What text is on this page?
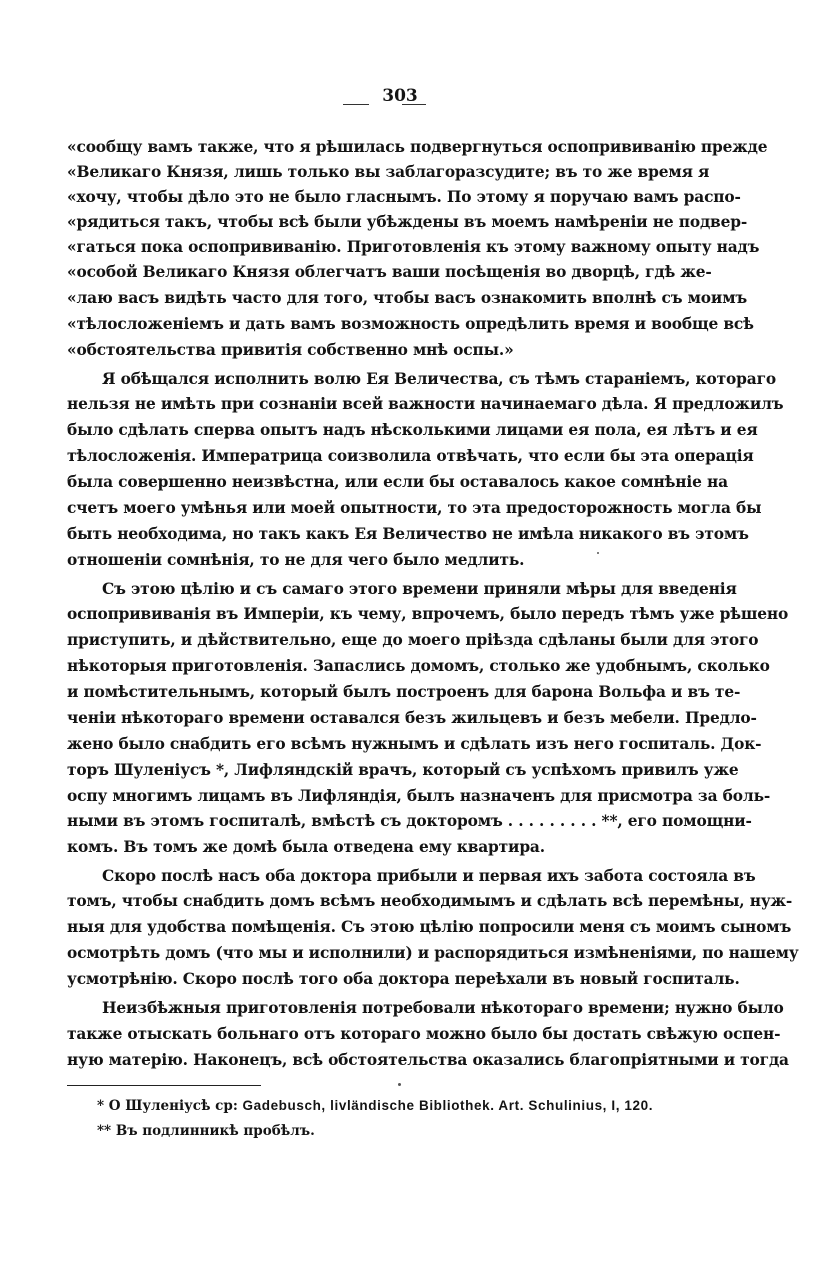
303
«сообщу вамъ также, что я рѣшилась подвергнуться оспопрививанію прежде
«Великаго Князя, лишь только вы заблагоразсудите; въ то же время я
«хочу, чтобы дѣло это не было гласнымъ. По этому я поручаю вамъ распо-
«рядиться такъ, чтобы всѣ были убѣждены въ моемъ намѣреніи не подвер-
«гаться пока оспопрививанію. Приготовленія къ этому важному опыту надъ
«особой Великаго Князя облегчатъ ваши посѣщенія во дворцѣ, гдѣ же-
«лаю васъ видѣть часто для того, чтобы васъ ознакомить вполнѣ съ моимъ
«тѣлосложеніемъ и дать вамъ возможность опредѣлить время и вообще всѣ
«обстоятельства привитія собственно мнѣ оспы.»
Я обѣщался исполнить волю Ея Величества, съ тѣмъ стараніемъ, котораго
нельзя не имѣть при сознаніи всей важности начинаемаго дѣла. Я предложилъ
было сдѣлать сперва опытъ надъ нѣсколькими лицами ея пола, ея лѣтъ и ея
тѣлосложенія. Императрица соизволила отвѣчать, что если бы эта операція
была совершенно неизвѣстна, или если бы оставалось какое сомнѣніе на
счетъ моего умѣнья или моей опытности, то эта предосторожность могла бы
быть необходима, но такъ какъ Ея Величество не имѣла никакого въ этомъ
отношеніи сомнѣнія, то не для чего было медлить.
Съ этою цѣлію и съ самаго этого времени приняли мѣры для введенія
оспопрививанія въ Имперіи, къ чему, впрочемъ, было передъ тѣмъ уже рѣшено
приступить, и дѣйствительно, еще до моего пріѣзда сдѣланы были для этого
нѣкоторыя приготовленія. Запаслись домомъ, столько же удобнымъ, сколько
и помѣстительнымъ, который былъ построенъ для барона Вольфа и въ те-
ченіи нѣкотораго времени оставался безъ жильцевъ и безъ мебели. Предло-
жено было снабдить его всѣмъ нужнымъ и сдѣлать изъ него госпиталь. Док-
торъ Шуленіусъ *, Лифляндскій врачъ, который съ успѣхомъ привилъ уже
оспу многимъ лицамъ въ Лифляндія, былъ назначенъ для присмотра за боль-
ными въ этомъ госпиталѣ, вмѣстѣ съ докторомъ . . . . . . . . . **, его помощни-
комъ. Въ томъ же домѣ была отведена ему квартира.
Скоро послѣ насъ оба доктора прибыли и первая ихъ забота состояла въ
томъ, чтобы снабдить домъ всѣмъ необходимымъ и сдѣлать всѣ перемѣны, нуж-
ныя для удобства помѣщенія. Съ этою цѣлію попросили меня съ моимъ сыномъ
осмотрѣть домъ (что мы и исполнили) и распорядиться измѣненіями, по нашему
усмотрѣнію. Скоро послѣ того оба доктора переѣхали въ новый госпиталь.
Неизбѣжныя приготовленія потребовали нѣкотораго времени; нужно было
также отыскать больнаго отъ котораго можно было бы достать свѣжую оспен-
ную матерію. Наконецъ, всѣ обстоятельства оказались благопріятными и тогда
* О Шуленіусѣ ср: Gadebusch, livländische Bibliothek. Art. Schulinius, I, 120.
** Въ подлинникѣ пробѣлъ.
